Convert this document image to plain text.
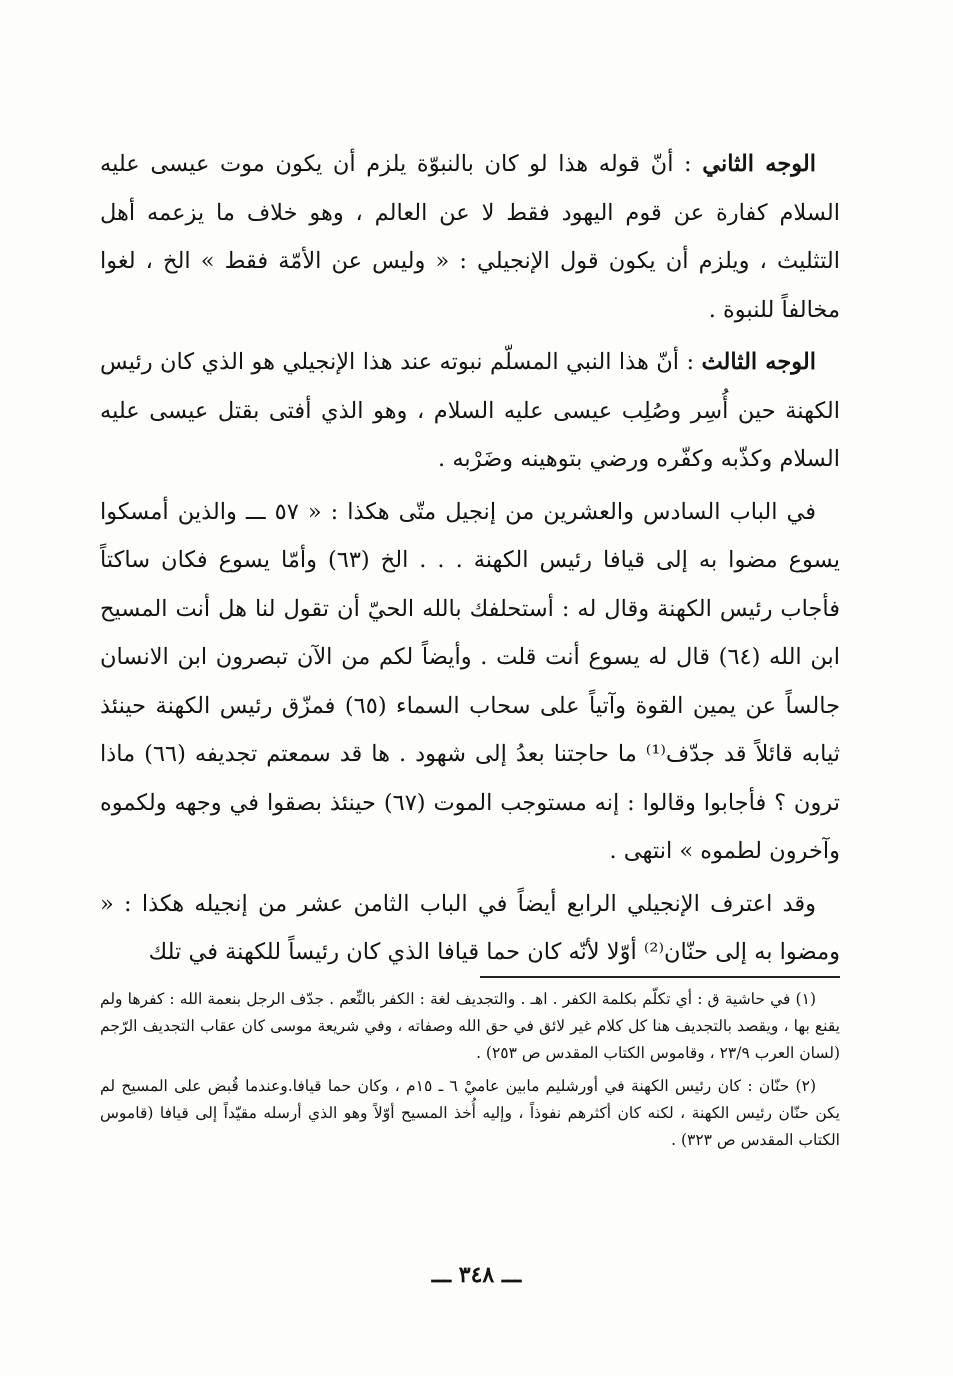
الوجه الثاني : أنّ قوله هذا لو كان بالنبوّة يلزم أن يكون موت عيسى عليه السلام كفارة عن قوم اليهود فقط لا عن العالم ، وهو خلاف ما يزعمه أهل التثليث ، ويلزم أن يكون قول الإنجيلي : « وليس عن الأمّة فقط » الخ ، لغوا مخالفاً للنبوة .

الوجه الثالث : أنّ هذا النبي المسلّم نبوته عند هذا الإنجيلي هو الذي كان رئيس الكهنة حين أُسِر وصُلِب عيسى عليه السلام ، وهو الذي أفتى بقتل عيسى عليه السلام وكذّبه وكفّره ورضي بتوهينه وضَرْبه .

في الباب السادس والعشرين من إنجيل متّى هكذا : « ٥٧ ـــ والذين أمسكوا يسوع مضوا به إلى قيافا رئيس الكهنة . . . الخ (٦٣) وأمّا يسوع فكان ساكتاً فأجاب رئيس الكهنة وقال له : أستحلفك بالله الحيّ أن تقول لنا هل أنت المسيح ابن الله (٦٤) قال له يسوع أنت قلت . وأيضاً لكم من الآن تبصرون ابن الانسان جالساً عن يمين القوة وآتياً على سحاب السماء (٦٥) فمزّق رئيس الكهنة حينئذ ثيابه قائلاً قد جدّف⁽¹⁾ ما حاجتنا بعدُ إلى شهود . ها قد سمعتم تجديفه (٦٦) ماذا ترون ؟ فأجابوا وقالوا : إنه مستوجب الموت (٦٧) حينئذ بصقوا في وجهه ولكموه وآخرون لطموه » انتهى .

وقد اعترف الإنجيلي الرابع أيضاً في الباب الثامن عشر من إنجيله هكذا : « ومضوا به إلى حنّان⁽²⁾ أوّلا لأنّه كان حما قيافا الذي كان رئيساً للكهنة في تلك

(١) في حاشية ق : أي تكلّم بكلمة الكفر . اهـ . والتجديف لغة : الكفر بالنِّعم . جدّف الرجل بنعمة الله : كفرها ولم يقنع بها ، ويقصد بالتجديف هنا كل كلام غير لائق في حق الله وصفاته ، وفي شريعة موسى كان عقاب التجديف الرّجم (لسان العرب ٢٣/٩ ، وقاموس الكتاب المقدس ص ٢٥٣) .

(٢) حنّان : كان رئيس الكهنة في أورشليم مابين عاميْ ٦ ـ ١٥م ، وكان حما قيافا.وعندما قُبض على المسيح لم يكن حنّان رئيس الكهنة ، لكنه كان أكثرهم نفوذاً ، وإليه أُخذ المسيح أوّلاً وهو الذي أرسله مقيّداً إلى قيافا (قاموس الكتاب المقدس ص ٣٢٣) .

ـــ ٣٤٨ ـــ
